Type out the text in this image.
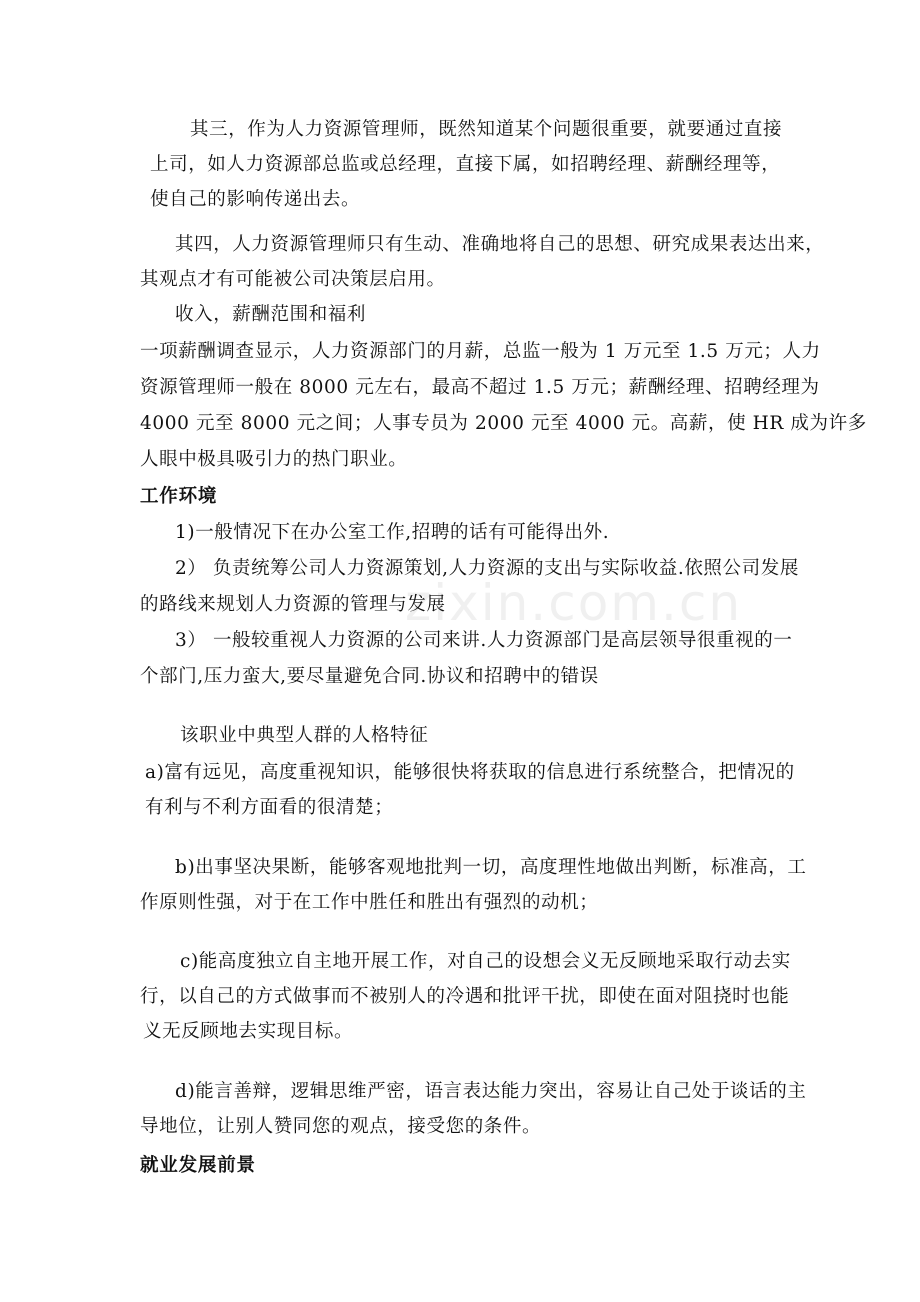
zixin.com.cn
其三，作为人力资源管理师，既然知道某个问题很重要，就要通过直接
上司，如人力资源部总监或总经理，直接下属，如招聘经理、薪酬经理等，
使自己的影响传递出去。
其四，人力资源管理师只有生动、准确地将自己的思想、研究成果表达出来，
其观点才有可能被公司决策层启用。
收入，薪酬范围和福利
一项薪酬调查显示，人力资源部门的月薪，总监一般为 1 万元至 1.5 万元；人力
资源管理师一般在 8000 元左右，最高不超过 1.5 万元；薪酬经理、招聘经理为
4000 元至 8000 元之间；人事专员为 2000 元至 4000 元。高薪，使 HR 成为许多
人眼中极具吸引力的热门职业。
工作环境
1)一般情况下在办公室工作,招聘的话有可能得出外.
2） 负责统筹公司人力资源策划,人力资源的支出与实际收益.依照公司发展
的路线来规划人力资源的管理与发展
3） 一般较重视人力资源的公司来讲.人力资源部门是高层领导很重视的一
个部门,压力蛮大,要尽量避免合同.协议和招聘中的错误
该职业中典型人群的人格特征
a)富有远见，高度重视知识，能够很快将获取的信息进行系统整合，把情况的
有利与不利方面看的很清楚；
b)出事坚决果断，能够客观地批判一切，高度理性地做出判断，标准高，工
作原则性强，对于在工作中胜任和胜出有强烈的动机；
c)能高度独立自主地开展工作，对自己的设想会义无反顾地采取行动去实
行，以自己的方式做事而不被别人的冷遇和批评干扰，即使在面对阻挠时也能
义无反顾地去实现目标。
d)能言善辩，逻辑思维严密，语言表达能力突出，容易让自己处于谈话的主
导地位，让别人赞同您的观点，接受您的条件。
就业发展前景
